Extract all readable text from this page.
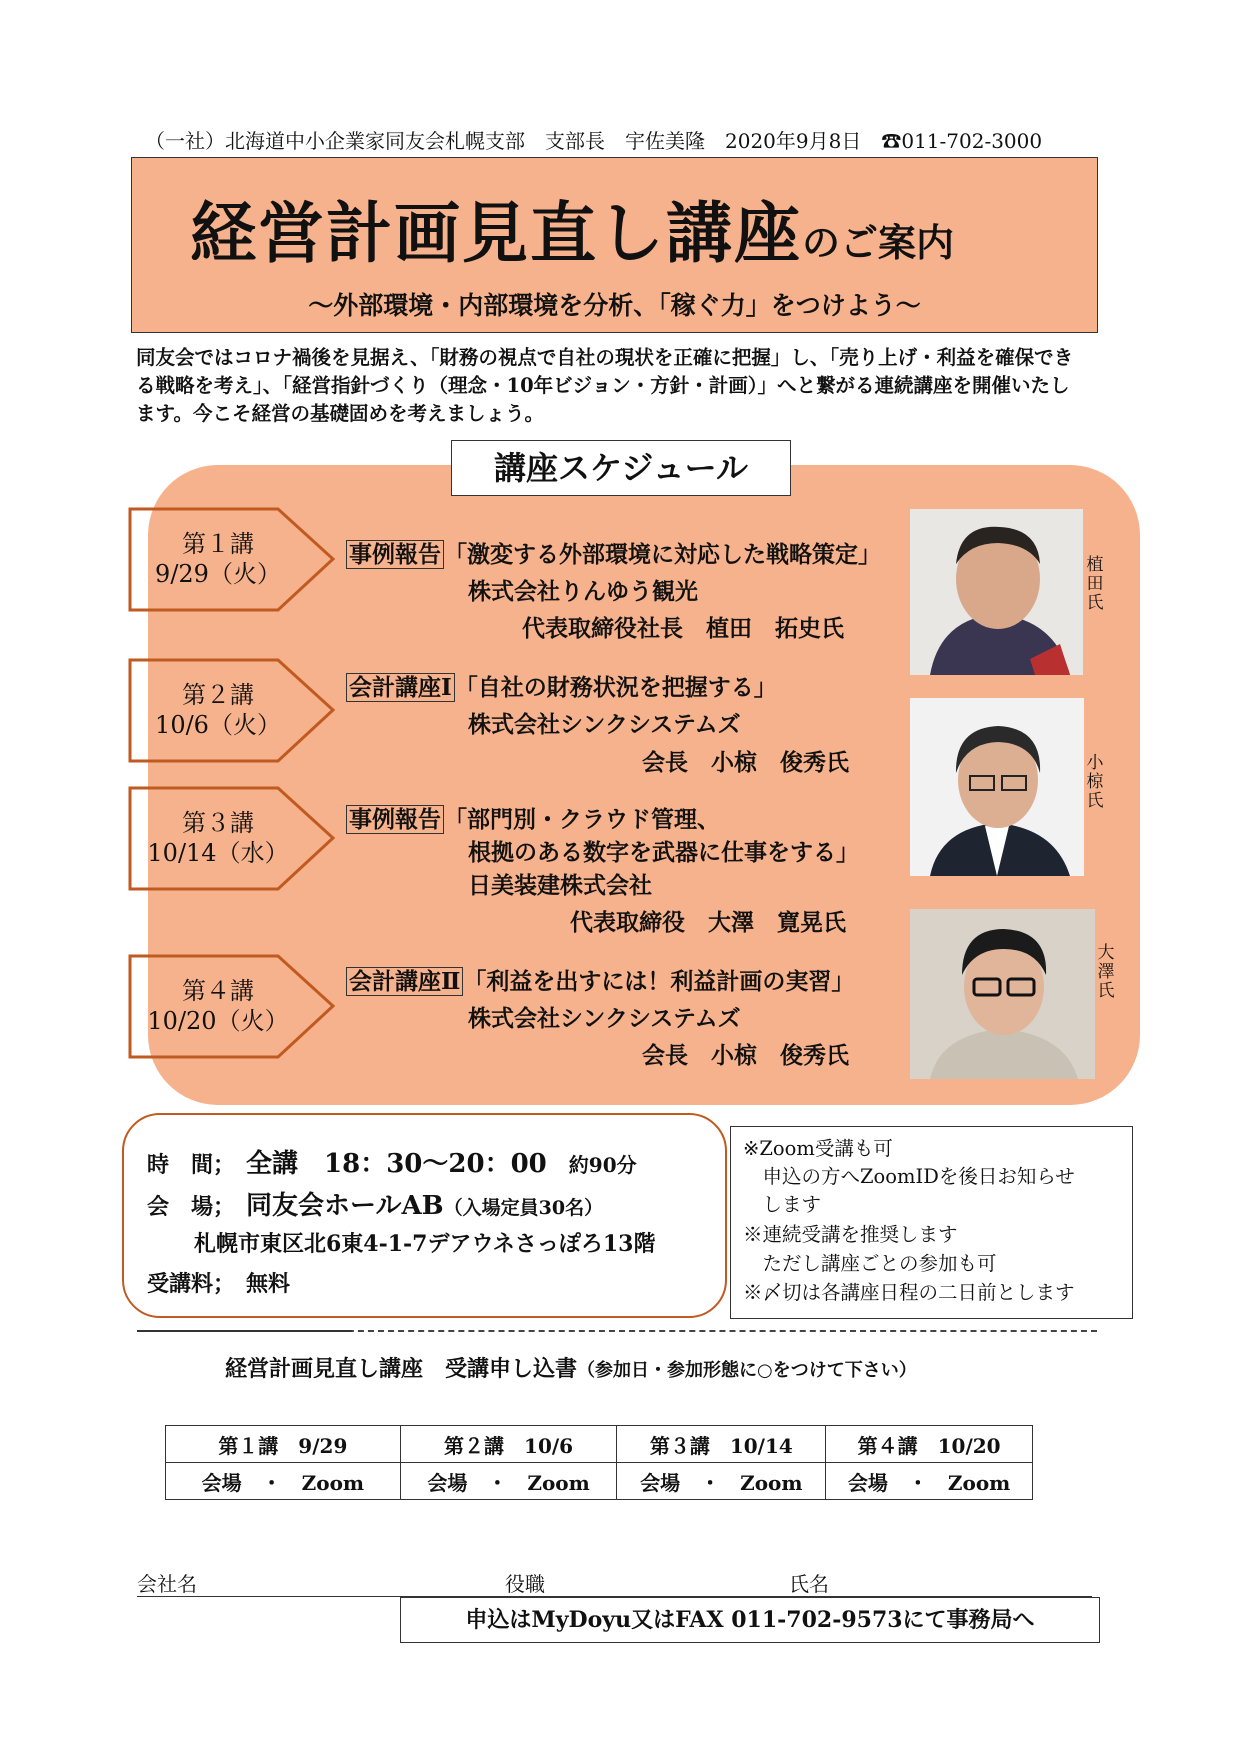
（一社）北海道中小企業家同友会札幌支部　支部長　宇佐美隆　2020年9月8日　☎011-702-3000
経営計画見直し講座のご案内
～外部環境・内部環境を分析、「稼ぐ力」をつけよう～
同友会ではコロナ禍後を見据え、「財務の視点で自社の現状を正確に把握」し、「売り上げ・利益を確保できる戦略を考え」、「経営指針づくり（理念・10年ビジョン・方針・計画）」へと繋がる連続講座を開催いたします。今こそ経営の基礎固めを考えましょう。
講座スケジュール
第１講
9/29（火）
事例報告 「激変する外部環境に対応した戦略策定」
株式会社りんゆう観光
代表取締役社長　植田　拓史氏
第２講
10/6（火）
会計講座Ⅰ 「自社の財務状況を把握する」
株式会社シンクシステムズ
会長　小椋　俊秀氏
第３講
10/14（水）
事例報告 「部門別・クラウド管理、
根拠のある数字を武器に仕事をする」
日美装建株式会社
代表取締役　大澤　寛晃氏
第４講
10/20（火）
会計講座Ⅱ 「利益を出すには！利益計画の実習」
株式会社シンクシステムズ
会長　小椋　俊秀氏
植田氏
小椋氏
大澤氏
時　間；　 全講　18：30～20：00　 約90分
会　場；　 同友会ホールAB（入場定員30名）
札幌市東区北6東4-1-7デアウネさっぽろ13階
受講料；　 無料
※Zoom受講も可
　申込の方へZoomIDを後日お知らせ
　します
※連続受講を推奨します
　ただし講座ごとの参加も可
※〆切は各講座日程の二日前とします
経営計画見直し講座　受講申し込書（参加日・参加形態に○をつけて下さい）
第１講　9/29	第２講　10/6	第３講　10/14	第４講　10/20
会場　・　Zoom	会場　・　Zoom	会場　・　Zoom	会場　・　Zoom
会社名	役職	氏名
申込はMyDoyu又はFAX 011-702-9573にて事務局へ
